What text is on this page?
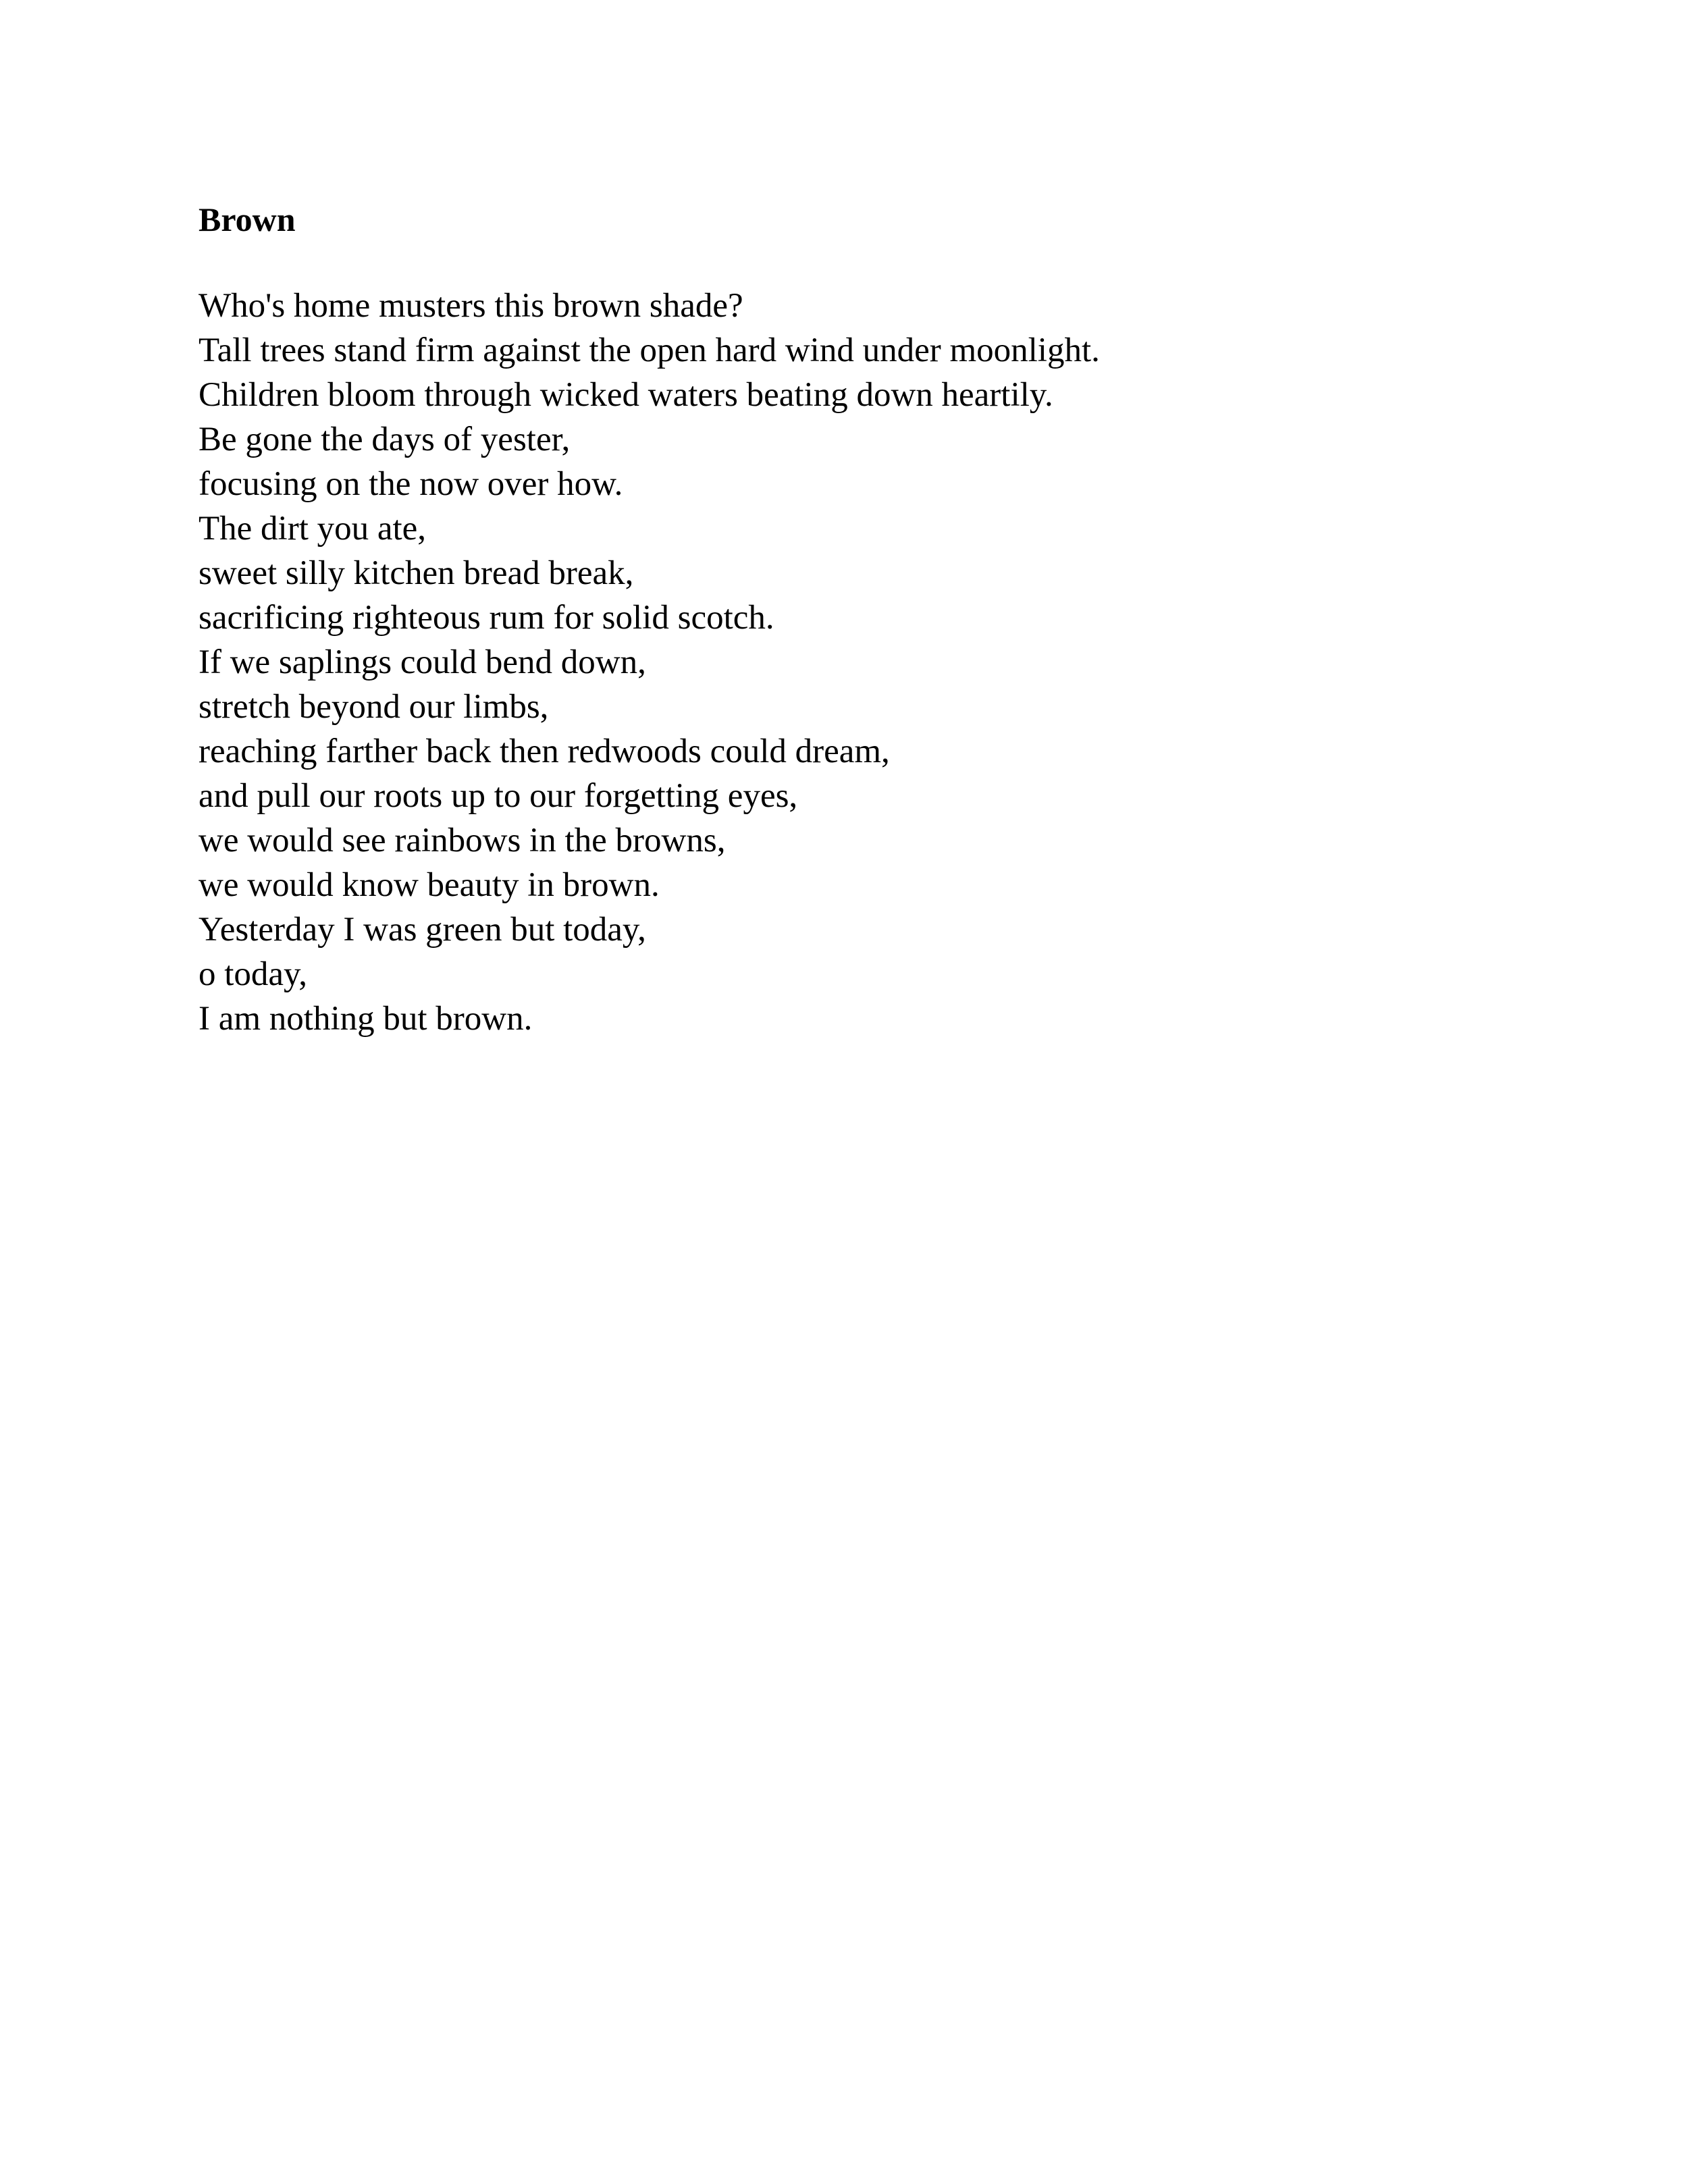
Brown
Who's home musters this brown shade?
Tall trees stand firm against the open hard wind under moonlight.
Children bloom through wicked waters beating down heartily.
Be gone the days of yester,
focusing on the now over how.
The dirt you ate,
sweet silly kitchen bread break,
sacrificing righteous rum for solid scotch.
If we saplings could bend down,
stretch beyond our limbs,
reaching farther back then redwoods could dream,
and pull our roots up to our forgetting eyes,
we would see rainbows in the browns,
we would know beauty in brown.
Yesterday I was green but today,
o today,
I am nothing but brown.
